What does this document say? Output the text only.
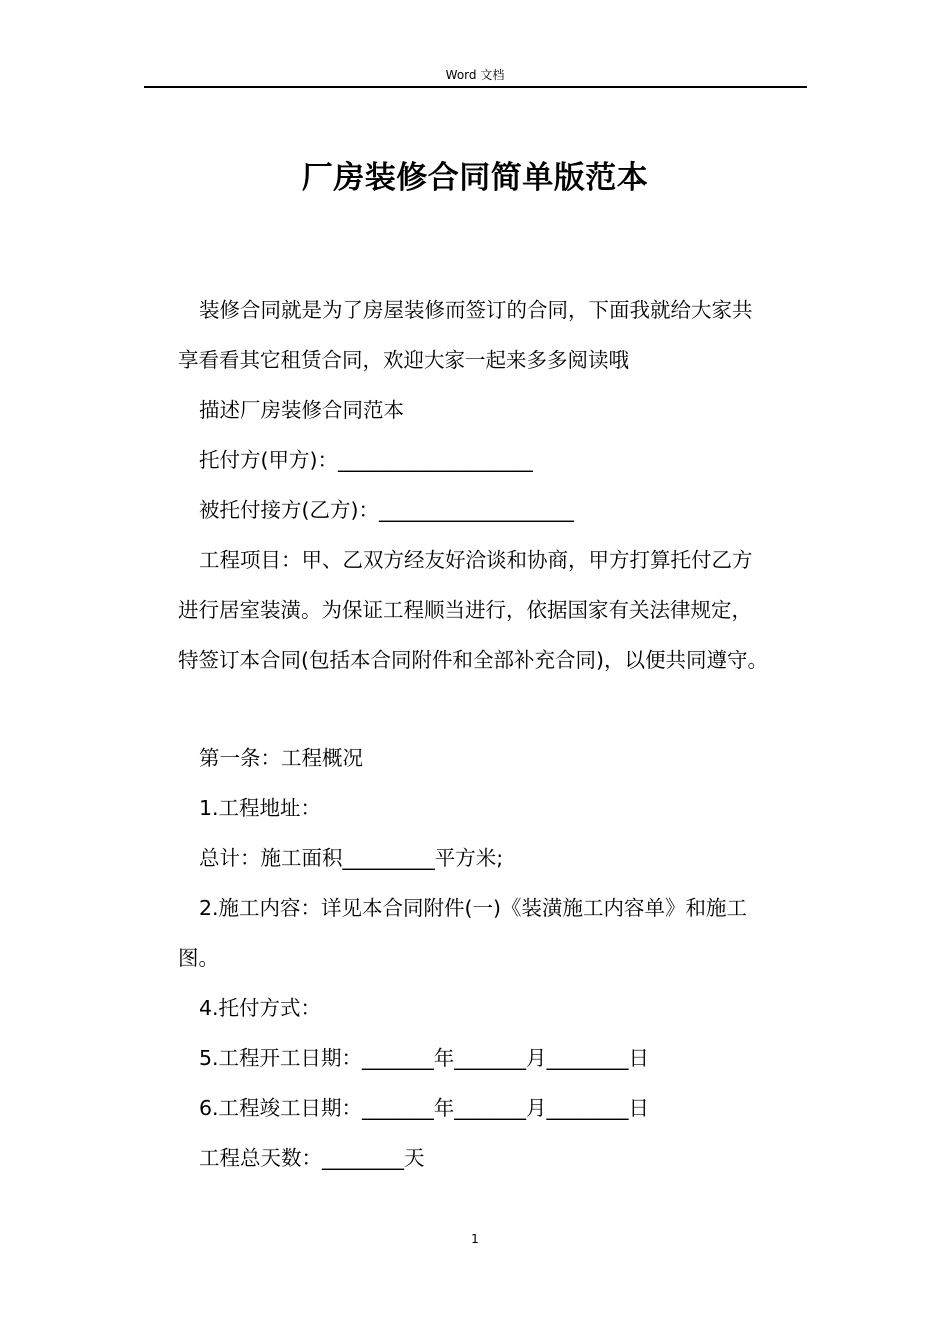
Word 文档
厂房装修合同简单版范本
装修合同就是为了房屋装修而签订的合同，下面我就给大家共
享看看其它租赁合同，欢迎大家一起来多多阅读哦
描述厂房装修合同范本
托付方(甲方)：___________________
被托付接方(乙方)：___________________
工程项目：甲、乙双方经友好洽谈和协商，甲方打算托付乙方
进行居室装潢。为保证工程顺当进行，依据国家有关法律规定，
特签订本合同(包括本合同附件和全部补充合同)，以便共同遵守。
第一条：工程概况
1.工程地址：
总计：施工面积_________平方米;
2.施工内容：详见本合同附件(一)《装潢施工内容单》和施工
图。
4.托付方式：
5.工程开工日期：_______年_______月________日
6.工程竣工日期：_______年_______月________日
工程总天数：________天
1
